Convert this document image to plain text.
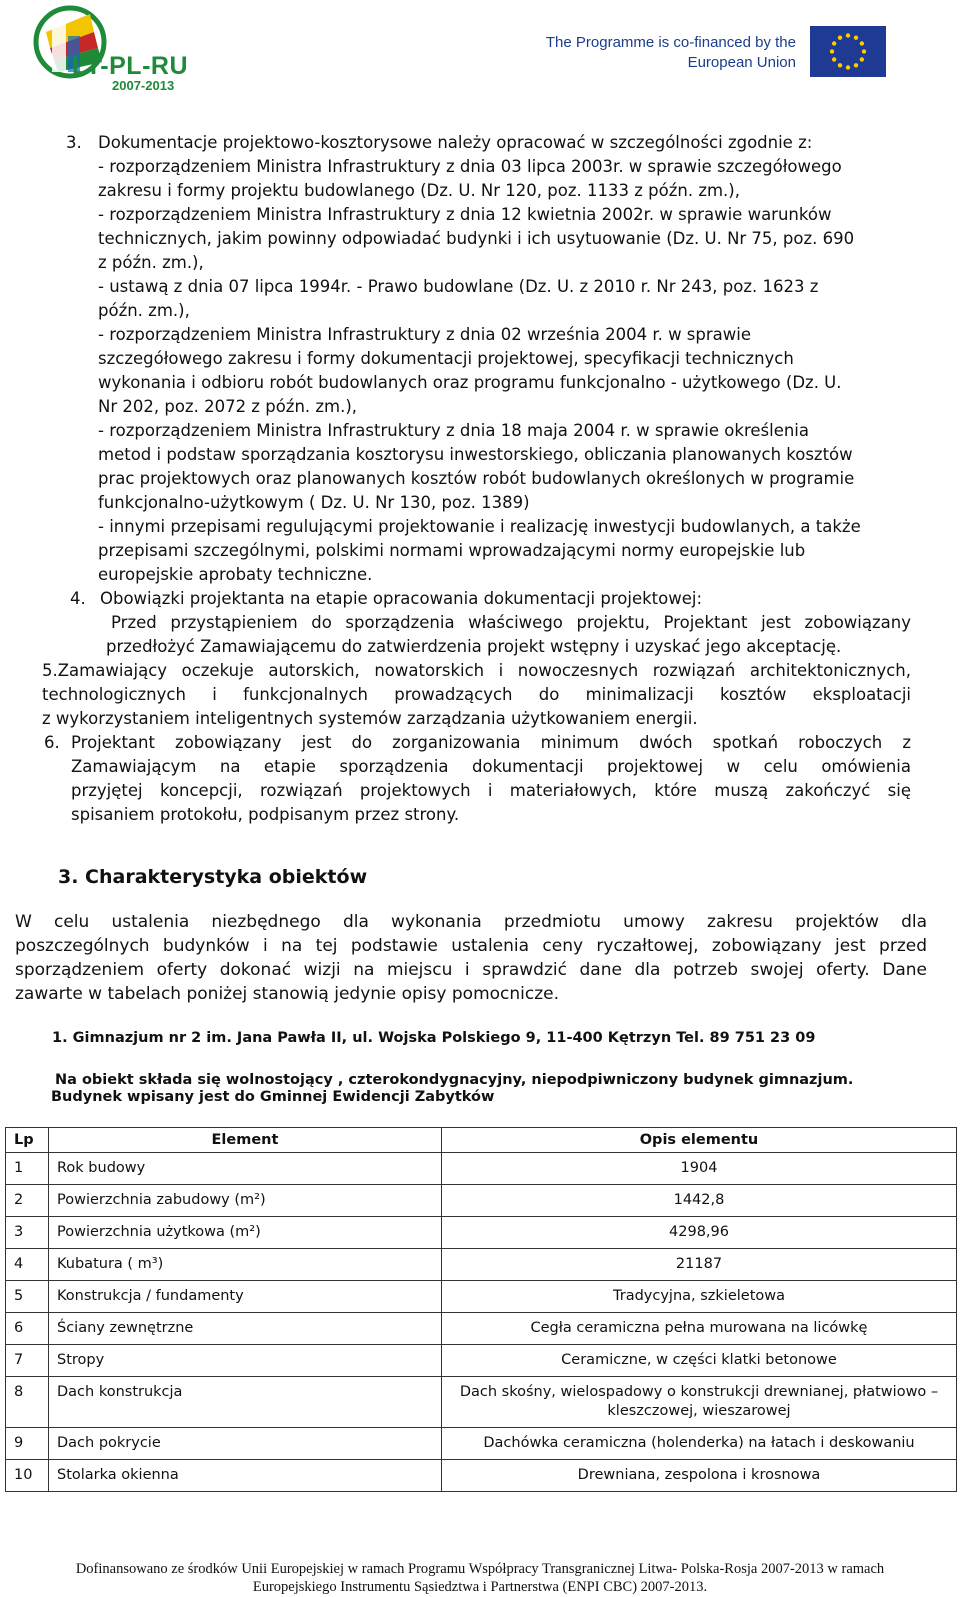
LT-PL-RU
2007-2013
The Programme is co-financed by the
European Union
3. Dokumentacje projektowo-kosztorysowe należy opracować w szczególności zgodnie z:
- rozporządzeniem Ministra Infrastruktury z dnia 03 lipca 2003r. w sprawie szczegółowego
zakresu i formy projektu budowlanego (Dz. U. Nr 120, poz. 1133 z późn. zm.),
- rozporządzeniem Ministra Infrastruktury z dnia 12 kwietnia 2002r. w sprawie warunków
technicznych, jakim powinny odpowiadać budynki i ich usytuowanie (Dz. U. Nr 75, poz. 690
z późn. zm.),
- ustawą z dnia 07 lipca 1994r. - Prawo budowlane (Dz. U. z 2010 r. Nr 243, poz. 1623 z
późn. zm.),
- rozporządzeniem Ministra Infrastruktury z dnia 02 września 2004 r. w sprawie
szczegółowego zakresu i formy dokumentacji projektowej, specyfikacji technicznych
wykonania i odbioru robót budowlanych oraz programu funkcjonalno - użytkowego (Dz. U.
Nr 202, poz. 2072 z późn. zm.),
- rozporządzeniem Ministra Infrastruktury z dnia 18 maja 2004 r. w sprawie określenia
metod i podstaw sporządzania kosztorysu inwestorskiego, obliczania planowanych kosztów
prac projektowych oraz planowanych kosztów robót budowlanych określonych w programie
funkcjonalno-użytkowym ( Dz. U. Nr 130, poz. 1389)
- innymi przepisami regulującymi projektowanie i realizację inwestycji budowlanych, a także
przepisami szczególnymi, polskimi normami wprowadzającymi normy europejskie lub
europejskie aprobaty techniczne.
4. Obowiązki projektanta na etapie opracowania dokumentacji projektowej:
Przed przystąpieniem do sporządzenia właściwego projektu, Projektant jest zobowiązany
przedłożyć Zamawiającemu do zatwierdzenia projekt wstępny i uzyskać jego akceptację.
5.Zamawiający oczekuje autorskich, nowatorskich i nowoczesnych rozwiązań architektonicznych,
technologicznych i funkcjonalnych prowadzących do minimalizacji kosztów eksploatacji
z wykorzystaniem inteligentnych systemów zarządzania użytkowaniem energii.
6. Projektant zobowiązany jest do zorganizowania minimum dwóch spotkań roboczych z
Zamawiającym na etapie sporządzenia dokumentacji projektowej w celu omówienia
przyjętej koncepcji, rozwiązań projektowych i materiałowych, które muszą zakończyć się
spisaniem protokołu, podpisanym przez strony.
3. Charakterystyka obiektów
W celu ustalenia niezbędnego dla wykonania przedmiotu umowy zakresu projektów dla
poszczególnych budynków i na tej podstawie ustalenia ceny ryczałtowej, zobowiązany jest przed
sporządzeniem oferty dokonać wizji na miejscu i sprawdzić dane dla potrzeb swojej oferty. Dane
zawarte w tabelach poniżej stanowią jedynie opisy pomocnicze.
1. Gimnazjum nr 2 im. Jana Pawła II, ul. Wojska Polskiego 9, 11-400 Kętrzyn Tel. 89 751 23 09
Na obiekt składa się wolnostojący , czterokondygnacyjny, niepodpiwniczony budynek gimnazjum.
Budynek wpisany jest do Gminnej Ewidencji Zabytków
Lp	Element	Opis elementu
1	Rok budowy	1904
2	Powierzchnia zabudowy (m²)	1442,8
3	Powierzchnia użytkowa (m²)	4298,96
4	Kubatura ( m³)	21187
5	Konstrukcja / fundamenty	Tradycyjna, szkieletowa
6	Ściany zewnętrzne	Cegła ceramiczna pełna murowana na licówkę
7	Stropy	Ceramiczne, w części klatki betonowe
8	Dach konstrukcja	Dach skośny, wielospadowy o konstrukcji drewnianej, płatwiowo – kleszczowej, wieszarowej
9	Dach pokrycie	Dachówka ceramiczna (holenderka) na łatach i deskowaniu
10	Stolarka okienna	Drewniana, zespolona i krosnowa
Dofinansowano ze środków Unii Europejskiej w ramach Programu Współpracy Transgranicznej Litwa- Polska-Rosja 2007-2013 w ramach
Europejskiego Instrumentu Sąsiedztwa i Partnerstwa (ENPI CBC) 2007-2013.
